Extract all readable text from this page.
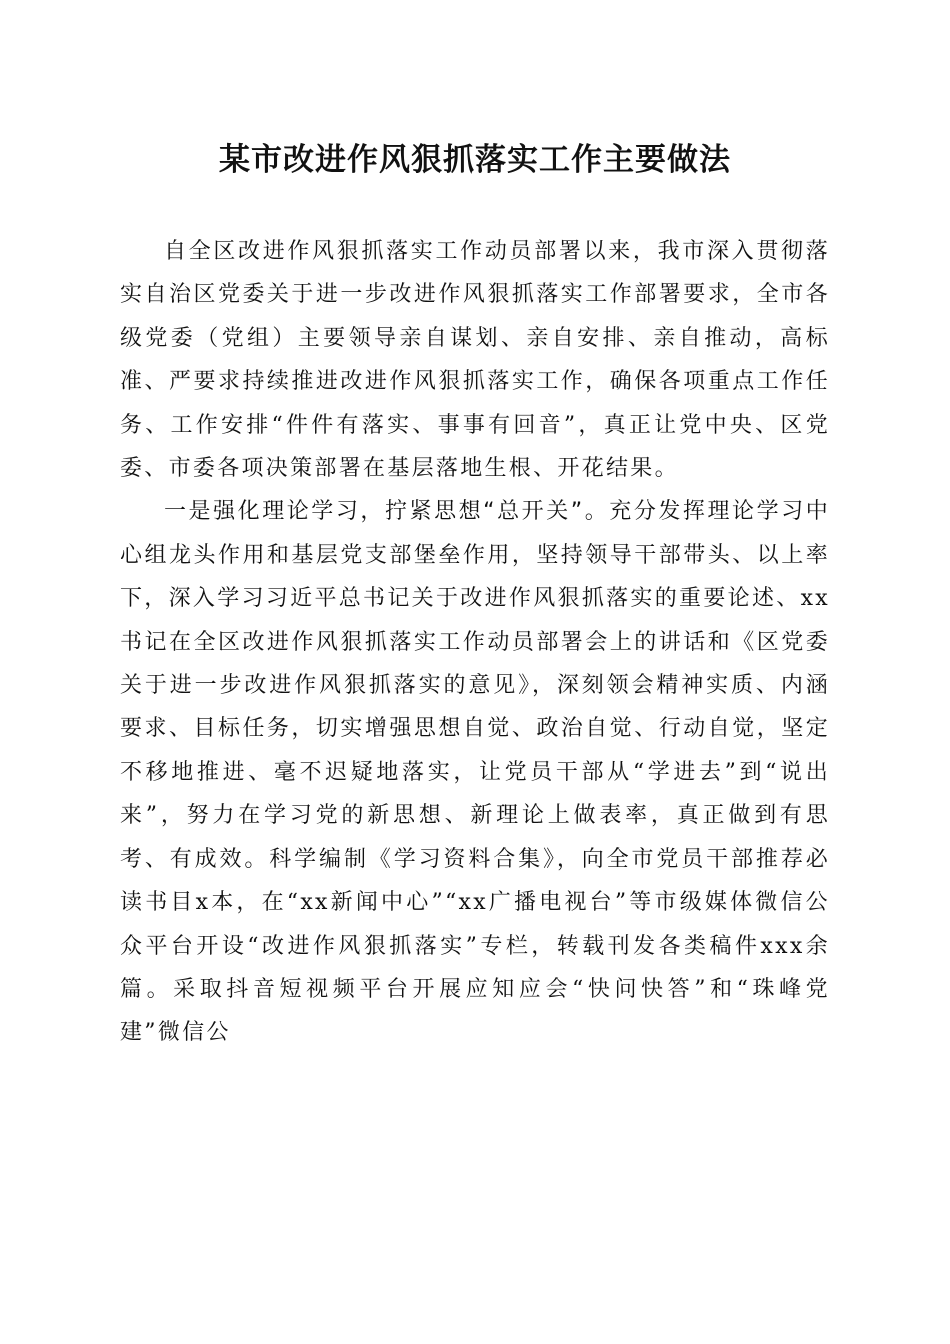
某市改进作风狠抓落实工作主要做法

自全区改进作风狠抓落实工作动员部署以来，我市深入贯彻落实自治区党委关于进一步改进作风狠抓落实工作部署要求，全市各级党委（党组）主要领导亲自谋划、亲自安排、亲自推动，高标准、严要求持续推进改进作风狠抓落实工作，确保各项重点工作任务、工作安排“件件有落实、事事有回音”，真正让党中央、区党委、市委各项决策部署在基层落地生根、开花结果。

一是强化理论学习，拧紧思想“总开关”。充分发挥理论学习中心组龙头作用和基层党支部堡垒作用，坚持领导干部带头、以上率下，深入学习习近平总书记关于改进作风狠抓落实的重要论述、xx书记在全区改进作风狠抓落实工作动员部署会上的讲话和《区党委关于进一步改进作风狠抓落实的意见》，深刻领会精神实质、内涵要求、目标任务，切实增强思想自觉、政治自觉、行动自觉，坚定不移地推进、毫不迟疑地落实，让党员干部从“学进去”到“说出来”，努力在学习党的新思想、新理论上做表率，真正做到有思考、有成效。科学编制《学习资料合集》，向全市党员干部推荐必读书目x本，在“xx新闻中心”“xx广播电视台”等市级媒体微信公众平台开设“改进作风狠抓落实”专栏，转载刊发各类稿件xxx余篇。采取抖音短视频平台开展应知应会“快问快答”和“珠峰党建”微信公
